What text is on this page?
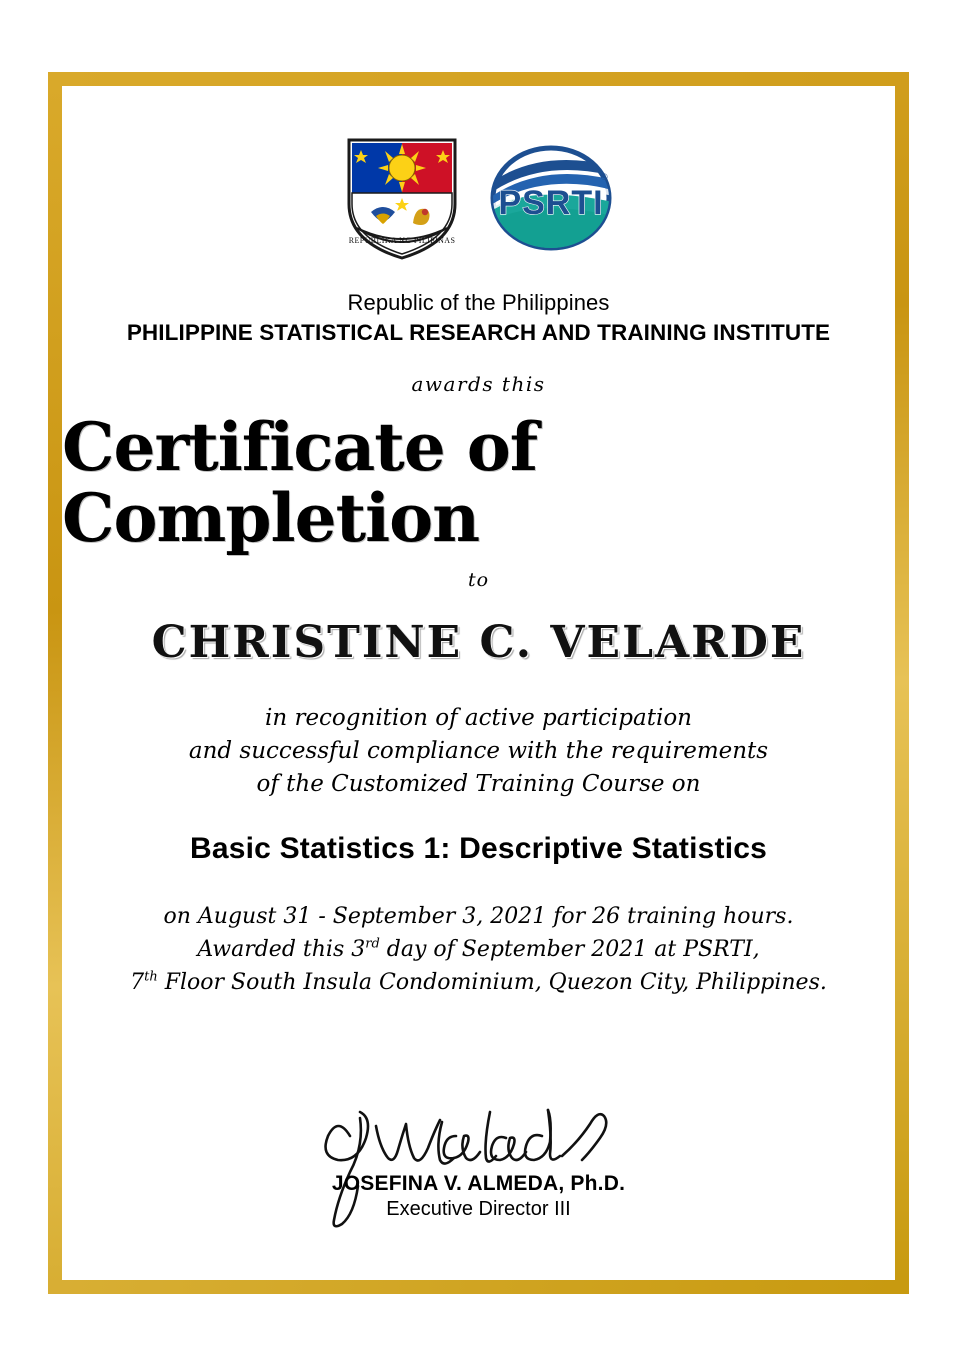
REPUBLIKA NG PILIPINAS
PSRTI
®
Republic of the Philippines
PHILIPPINE STATISTICAL RESEARCH AND TRAINING INSTITUTE
awards this
Certificate of Completion
to
CHRISTINE C. VELARDE
in recognition of active participation
and successful compliance with the requirements
of the Customized Training Course on
Basic Statistics 1: Descriptive Statistics
on August 31 - September 3, 2021 for 26 training hours.
Awarded this 3rd day of September 2021 at PSRTI,
7th Floor South Insula Condominium, Quezon City, Philippines.
JOSEFINA V. ALMEDA, Ph.D.
Executive Director III
